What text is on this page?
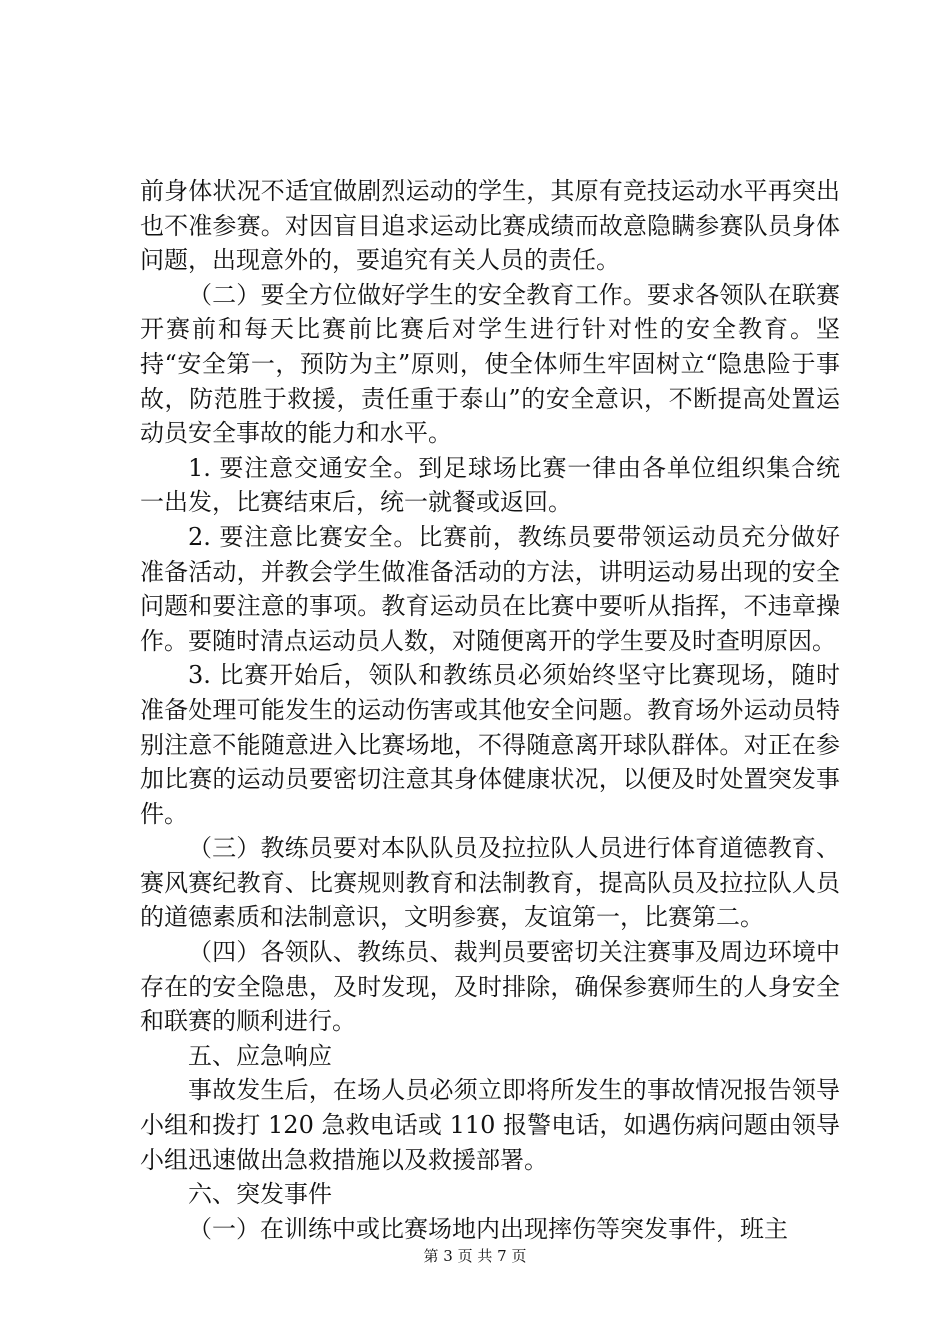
前身体状况不适宜做剧烈运动的学生，其原有竞技运动水平再突出也不准参赛。对因盲目追求运动比赛成绩而故意隐瞒参赛队员身体问题，出现意外的，要追究有关人员的责任。

（二）要全方位做好学生的安全教育工作。要求各领队在联赛开赛前和每天比赛前比赛后对学生进行针对性的安全教育。坚持“安全第一，预防为主”原则，使全体师生牢固树立“隐患险于事故，防范胜于救援，责任重于泰山”的安全意识，不断提高处置运动员安全事故的能力和水平。

1. 要注意交通安全。到足球场比赛一律由各单位组织集合统一出发，比赛结束后，统一就餐或返回。

2. 要注意比赛安全。比赛前，教练员要带领运动员充分做好准备活动，并教会学生做准备活动的方法，讲明运动易出现的安全问题和要注意的事项。教育运动员在比赛中要听从指挥，不违章操作。要随时清点运动员人数，对随便离开的学生要及时查明原因。

3. 比赛开始后，领队和教练员必须始终坚守比赛现场，随时准备处理可能发生的运动伤害或其他安全问题。教育场外运动员特别注意不能随意进入比赛场地，不得随意离开球队群体。对正在参加比赛的运动员要密切注意其身体健康状况，以便及时处置突发事件。

（三）教练员要对本队队员及拉拉队人员进行体育道德教育、赛风赛纪教育、比赛规则教育和法制教育，提高队员及拉拉队人员的道德素质和法制意识，文明参赛，友谊第一，比赛第二。

（四）各领队、教练员、裁判员要密切关注赛事及周边环境中存在的安全隐患，及时发现，及时排除，确保参赛师生的人身安全和联赛的顺利进行。

五、应急响应

事故发生后，在场人员必须立即将所发生的事故情况报告领导小组和拨打 120 急救电话或 110 报警电话，如遇伤病问题由领导小组迅速做出急救措施以及救援部署。

六、突发事件

（一）在训练中或比赛场地内出现摔伤等突发事件，班主

第 3 页 共 7 页
